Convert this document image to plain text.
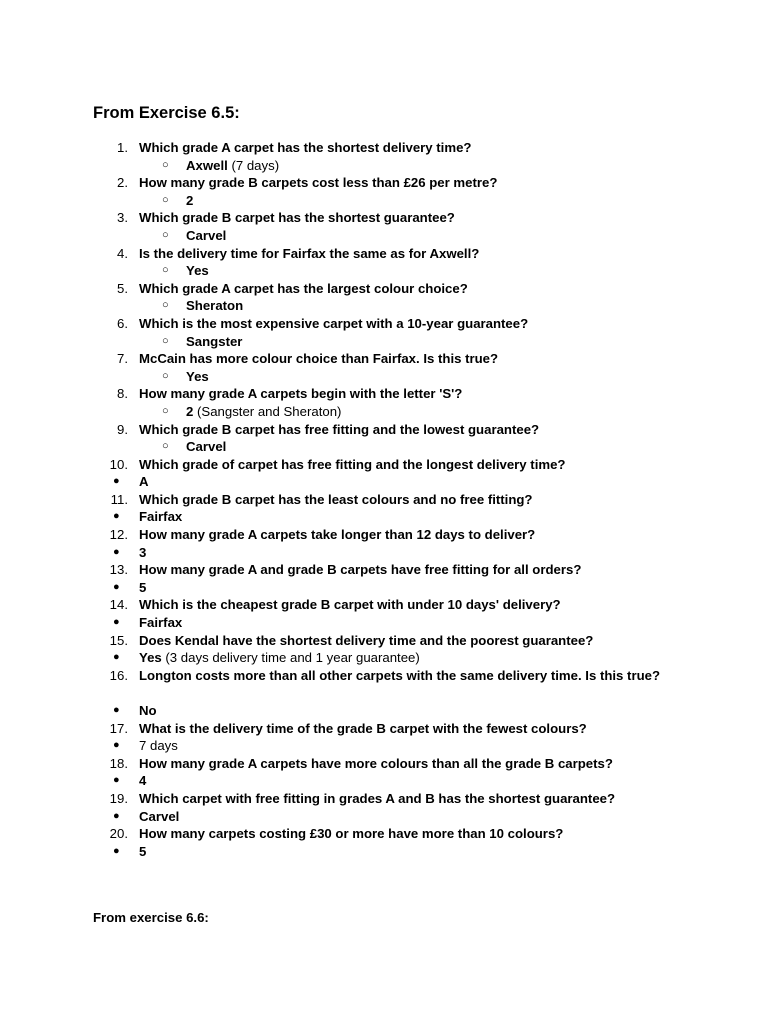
From Exercise 6.5:
1. Which grade A carpet has the shortest delivery time?
○ Axwell (7 days)
2. How many grade B carpets cost less than £26 per metre?
○ 2
3. Which grade B carpet has the shortest guarantee?
○ Carvel
4. Is the delivery time for Fairfax the same as for Axwell?
○ Yes
5. Which grade A carpet has the largest colour choice?
○ Sheraton
6. Which is the most expensive carpet with a 10-year guarantee?
○ Sangster
7. McCain has more colour choice than Fairfax. Is this true?
○ Yes
8. How many grade A carpets begin with the letter 'S'?
○ 2 (Sangster and Sheraton)
9. Which grade B carpet has free fitting and the lowest guarantee?
○ Carvel
10. Which grade of carpet has free fitting and the longest delivery time?
● A
11. Which grade B carpet has the least colours and no free fitting?
● Fairfax
12. How many grade A carpets take longer than 12 days to deliver?
● 3
13. How many grade A and grade B carpets have free fitting for all orders?
● 5
14. Which is the cheapest grade B carpet with under 10 days' delivery?
● Fairfax
15. Does Kendal have the shortest delivery time and the poorest guarantee?
● Yes (3 days delivery time and 1 year guarantee)
16. Longton costs more than all other carpets with the same delivery time. Is this true?
● No
17. What is the delivery time of the grade B carpet with the fewest colours?
● 7 days
18. How many grade A carpets have more colours than all the grade B carpets?
● 4
19. Which carpet with free fitting in grades A and B has the shortest guarantee?
● Carvel
20. How many carpets costing £30 or more have more than 10 colours?
● 5
From exercise 6.6:
